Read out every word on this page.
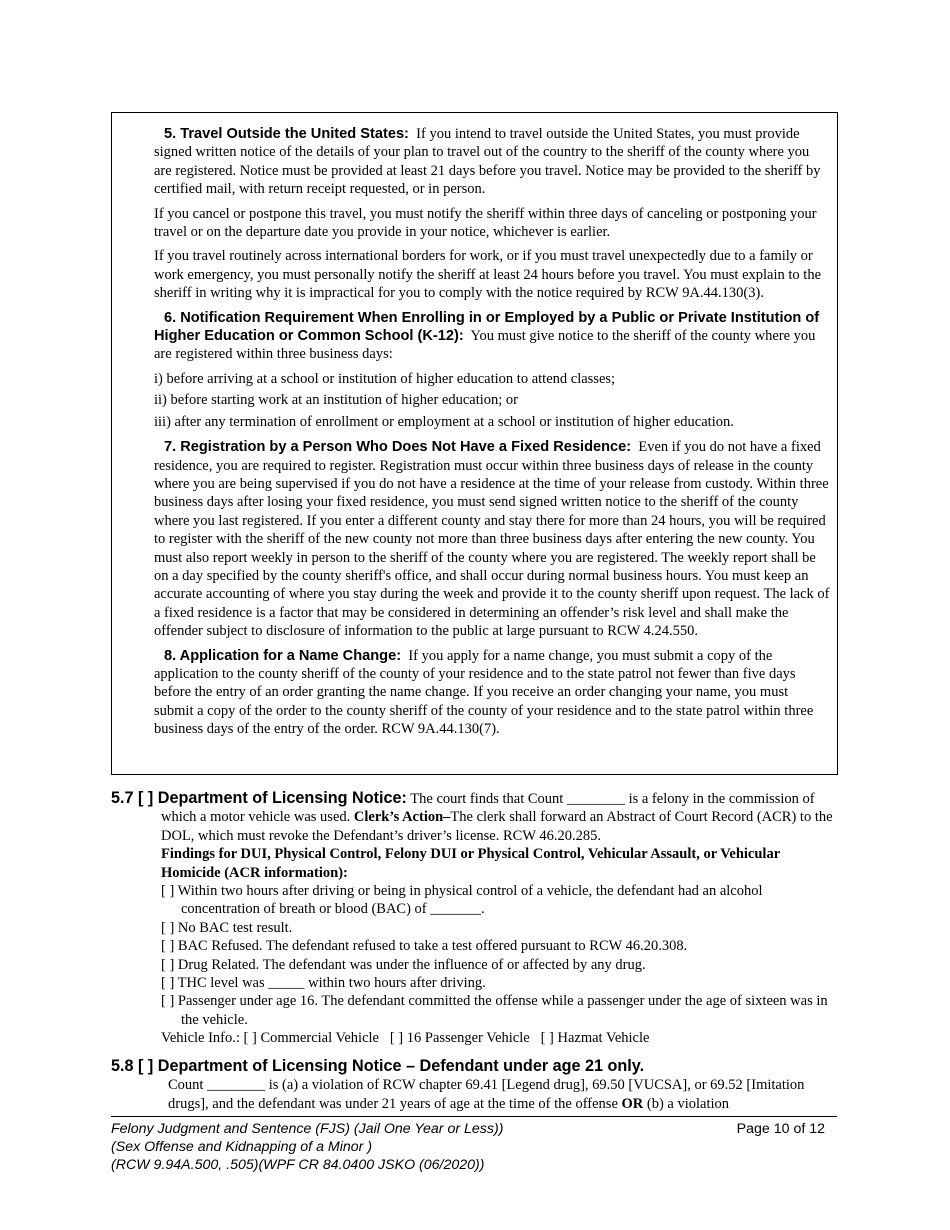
5. Travel Outside the United States: If you intend to travel outside the United States, you must provide signed written notice of the details of your plan to travel out of the country to the sheriff of the county where you are registered. Notice must be provided at least 21 days before you travel. Notice may be provided to the sheriff by certified mail, with return receipt requested, or in person.

If you cancel or postpone this travel, you must notify the sheriff within three days of canceling or postponing your travel or on the departure date you provide in your notice, whichever is earlier.

If you travel routinely across international borders for work, or if you must travel unexpectedly due to a family or work emergency, you must personally notify the sheriff at least 24 hours before you travel. You must explain to the sheriff in writing why it is impractical for you to comply with the notice required by RCW 9A.44.130(3).

6. Notification Requirement When Enrolling in or Employed by a Public or Private Institution of Higher Education or Common School (K-12): You must give notice to the sheriff of the county where you are registered within three business days:

i) before arriving at a school or institution of higher education to attend classes;

ii) before starting work at an institution of higher education; or

iii) after any termination of enrollment or employment at a school or institution of higher education.

7. Registration by a Person Who Does Not Have a Fixed Residence: Even if you do not have a fixed residence, you are required to register. Registration must occur within three business days of release in the county where you are being supervised if you do not have a residence at the time of your release from custody. Within three business days after losing your fixed residence, you must send signed written notice to the sheriff of the county where you last registered. If you enter a different county and stay there for more than 24 hours, you will be required to register with the sheriff of the new county not more than three business days after entering the new county. You must also report weekly in person to the sheriff of the county where you are registered. The weekly report shall be on a day specified by the county sheriff's office, and shall occur during normal business hours. You must keep an accurate accounting of where you stay during the week and provide it to the county sheriff upon request. The lack of a fixed residence is a factor that may be considered in determining an offender’s risk level and shall make the offender subject to disclosure of information to the public at large pursuant to RCW 4.24.550.

8. Application for a Name Change: If you apply for a name change, you must submit a copy of the application to the county sheriff of the county of your residence and to the state patrol not fewer than five days before the entry of an order granting the name change. If you receive an order changing your name, you must submit a copy of the order to the county sheriff of the county of your residence and to the state patrol within three business days of the entry of the order. RCW 9A.44.130(7).

5.7 [ ] Department of Licensing Notice: The court finds that Count ________ is a felony in the commission of which a motor vehicle was used. Clerk’s Action–The clerk shall forward an Abstract of Court Record (ACR) to the DOL, which must revoke the Defendant’s driver’s license. RCW 46.20.285.

Findings for DUI, Physical Control, Felony DUI or Physical Control, Vehicular Assault, or Vehicular Homicide (ACR information):

[ ] Within two hours after driving or being in physical control of a vehicle, the defendant had an alcohol concentration of breath or blood (BAC) of _______.

[ ] No BAC test result.

[ ] BAC Refused. The defendant refused to take a test offered pursuant to RCW 46.20.308.

[ ] Drug Related. The defendant was under the influence of or affected by any drug.

[ ] THC level was _____ within two hours after driving.

[ ] Passenger under age 16. The defendant committed the offense while a passenger under the age of sixteen was in the vehicle.

Vehicle Info.: [ ] Commercial Vehicle [ ] 16 Passenger Vehicle [ ] Hazmat Vehicle

5.8 [ ] Department of Licensing Notice – Defendant under age 21 only.

Count ________ is (a) a violation of RCW chapter 69.41 [Legend drug], 69.50 [VUCSA], or 69.52 [Imitation drugs], and the defendant was under 21 years of age at the time of the offense OR (b) a violation

Felony Judgment and Sentence (FJS) (Jail One Year or Less))
(Sex Offense and Kidnapping of a Minor )
(RCW 9.94A.500, .505)(WPF CR 84.0400 JSKO (06/2020))
Page 10 of 12
